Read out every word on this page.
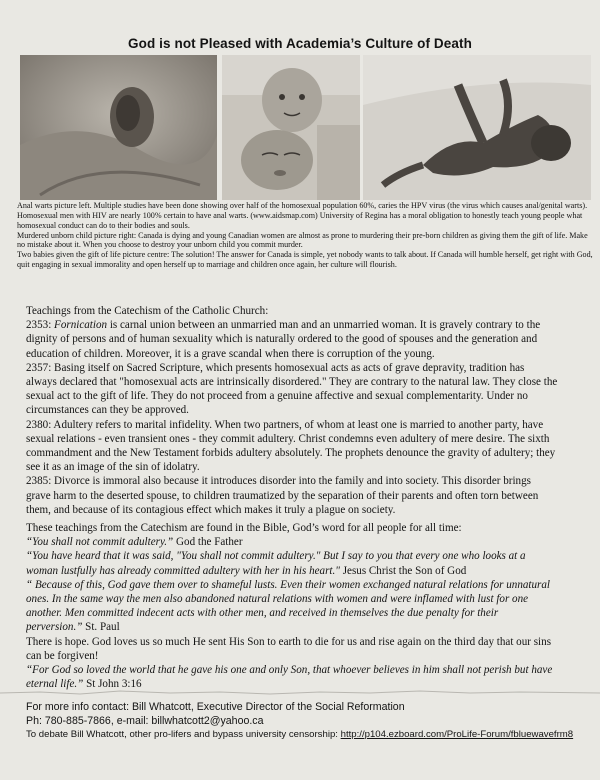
God is not Pleased with Academia’s Culture of Death

Anal warts picture left. Multiple studies have been done showing over half of the homosexual population 60%, caries the HPV virus (the virus which causes anal/genital warts). Homosexual men with HIV are nearly 100% certain to have anal warts. (www.aidsmap.com) University of Regina has a moral obligation to honestly teach young people what homosexual conduct can do to their bodies and souls.

Murdered unborn child picture right: Canada is dying and young Canadian women are almost as prone to murdering their pre-born children as giving them the gift of life. Make no mistake about it. When you choose to destroy your unborn child you commit murder.

Two babies given the gift of life picture centre: The solution! The answer for Canada is simple, yet nobody wants to talk about. If Canada will humble herself, get right with God, quit engaging in sexual immorality and open herself up to marriage and children once again, her culture will flourish.

Teachings from the Catechism of the Catholic Church:

2353: Fornication is carnal union between an unmarried man and an unmarried woman. It is gravely contrary to the
dignity of persons and of human sexuality which is naturally ordered to the good of spouses and the generation and
education of children. Moreover, it is a grave scandal when there is corruption of the young.

2357: Basing itself on Sacred Scripture, which presents homosexual acts as acts of grave depravity, tradition has
always declared that "homosexual acts are intrinsically disordered." They are contrary to the natural law. They close the
sexual act to the gift of life. They do not proceed from a genuine affective and sexual complementarity. Under no
circumstances can they be approved.

2380: Adultery refers to marital infidelity. When two partners, of whom at least one is married to another party, have
sexual relations - even transient ones - they commit adultery. Christ condemns even adultery of mere desire. The sixth
commandment and the New Testament forbids adultery absolutely. The prophets denounce the gravity of adultery; they
see it as an image of the sin of idolatry.

2385: Divorce is immoral also because it introduces disorder into the family and into society. This disorder brings
grave harm to the deserted spouse, to children traumatized by the separation of their parents and often torn between
them, and because of its contagious effect which makes it truly a plague on society.

These teachings from the Catechism are found in the Bible, God’s word for all people for all time:

“You shall not commit adultery.” God the Father

“You have heard that it was said, "You shall not commit adultery." But I say to you that every one who looks at a
woman lustfully has already committed adultery with her in his heart." Jesus Christ the Son of God

“ Because of this, God gave them over to shameful lusts. Even their women exchanged natural relations for unnatural
ones. In the same way the men also abandoned natural relations with women and were inflamed with lust for one
another. Men committed indecent acts with other men, and received in themselves the due penalty for their
perversion.” St. Paul

There is hope. God loves us so much He sent His Son to earth to die for us and rise again on the third day that our sins
can be forgiven!

“For God so loved the world that he gave his one and only Son, that whoever believes in him shall not perish but have
eternal life.” St John 3:16

For more info contact: Bill Whatcott, Executive Director of the Social Reformation

Ph: 780-885-7866, e-mail: billwhatcott2@yahoo.ca

To debate Bill Whatcott, other pro-lifers and bypass university censorship: http://p104.ezboard.com/ProLife-Forum/fbluewavefrm8
